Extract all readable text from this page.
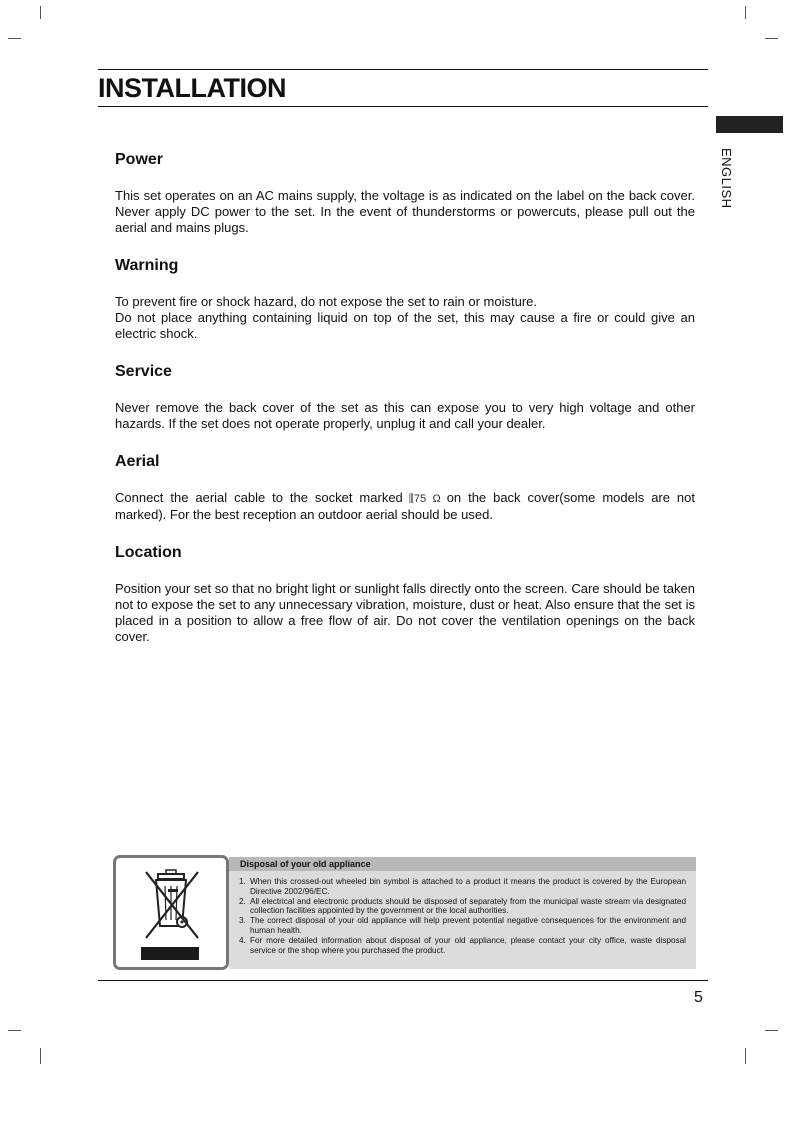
INSTALLATION
ENGLISH
Power

This set operates on an AC mains supply, the voltage is as indicated on the label on the back cover. Never apply DC power to the set. In the event of thunderstorms or powercuts, please pull out the aerial and mains plugs.

Warning

To prevent fire or shock hazard, do not expose the set to rain or moisture.

Do not place anything containing liquid on top of the set, this may cause a fire or could give an electric shock.

Service

Never remove the back cover of the set as this can expose you to very high voltage and other hazards. If the set does not operate properly, unplug it and call your dealer.

Aerial

Connect the aerial cable to the socket marked ⫼75 Ω on the back cover(some models are not marked). For the best reception an outdoor aerial should be used.

Location

Position your set so that no bright light or sunlight falls directly onto the screen. Care should be taken not to expose the set to any unnecessary vibration, moisture, dust or heat. Also ensure that the set is placed in a position to allow a free flow of air. Do not cover the ventilation openings on the back cover.

Disposal of your old appliance
1. When this crossed-out wheeled bin symbol is attached to a product it means the product is covered by the European Directive 2002/96/EC.
2. All electrical and electronic products should be disposed of separately from the municipal waste stream via designated collection facilities appointed by the government or the local authorities.
3. The correct disposal of your old appliance will help prevent potential negative consequences for the environment and human health.
4. For more detailed information about disposal of your old appliance, please contact your city office, waste disposal service or the shop where you purchased the product.
5
